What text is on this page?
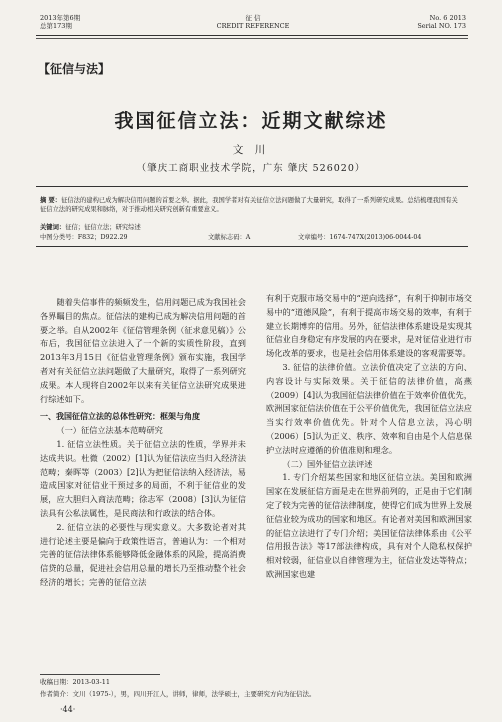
2013年第6期
总第173期
征 信
CREDIT REFERENCE
No. 6 2013
Serial NO. 173
【征信与法】
我国征信立法：近期文献综述
文 川
（肇庆工商职业技术学院，广东 肇庆 526020）
摘 要：征信法的建构已成为解决信用问题的首要之举。据此，我国学者对有关征信立法问题做了大量研究，取得了一系列研究成果。总结梳理我国有关征信立法的研究成果和脉络，对于推动相关研究创新有重要意义。
关键词：征信；征信立法；研究综述
中图分类号：F832；D922.29	文献标志码：A	文章编号：1674-747X(2013)06-0044-04

随着失信事件的频频发生，信用问题已成为我国社会各界瞩目的焦点。征信法的建构已成为解决信用问题的首要之举。自从2002年《征信管理条例（征求意见稿）》公布后，我国征信立法进入了一个新的实质性阶段，直到2013年3月15日《征信业管理条例》颁布实施，我国学者对有关征信立法问题做了大量研究，取得了一系列研究成果。本人现将自2002年以来有关征信立法研究成果进行综述如下。

一、我国征信立法的总体性研究：框架与角度

（一）征信立法基本范畴研究

1. 征信立法性质。关于征信立法的性质，学界并未达成共识。杜微（2002）[1]认为征信法应当归入经济法范畴；秦晖等（2003）[2]认为把征信法纳入经济法，易造成国家对征信业干预过多的局面，不利于征信业的发展，应大胆归入商法范畴；徐志军（2008）[3]认为征信法具有公私法属性，是民商法和行政法的结合体。

2. 征信立法的必要性与现实意义。大多数论者对其进行论述主要是偏向于政策性语言，普遍认为：一个相对完善的征信法律体系能够降低金融体系的风险，提高消费信贷的总量，促进社会信用总量的增长乃至推动整个社会经济的增长；完善的征信立法

有利于克服市场交易中的“逆向选择”，有利于抑制市场交易中的“道德风险”，有利于提高市场交易的效率，有利于建立长期博弈的信用。另外，征信法律体系建设是实现其征信业自身稳定有序发展的内在要求，是对征信业进行市场化改革的要求，也是社会信用体系建设的客观需要等。

3. 征信的法律价值。立法价值决定了立法的方向、内容设计与实际效果。关于征信的法律价值，高燕（2009）[4]认为我国征信法律价值在于效率价值优先，欧洲国家征信法价值在于公平价值优先，我国征信立法应当实行效率价值优先。针对个人信息立法，冯心明（2006）[5]认为正义、秩序、效率和自由是个人信息保护立法时应遵循的价值准则和理念。

（二）国外征信立法评述

1. 专门介绍某些国家和地区征信立法。美国和欧洲国家在发展征信方面是走在世界前列的，正是由于它们制定了较为完善的征信法律制度，使得它们成为世界上发展征信业较为成功的国家和地区。有论者对美国和欧洲国家的征信立法进行了专门介绍；美国征信法律体系由《公平信用报告法》等17部法律构成，具有对个人隐私权保护相对较弱，征信业以自律管理为主，征信业发达等特点；欧洲国家也建

收稿日期：2013-03-11
作者简介：文川（1975-），男，四川开江人，讲师，律师，法学硕士，主要研究方向为征信法。
·44·
